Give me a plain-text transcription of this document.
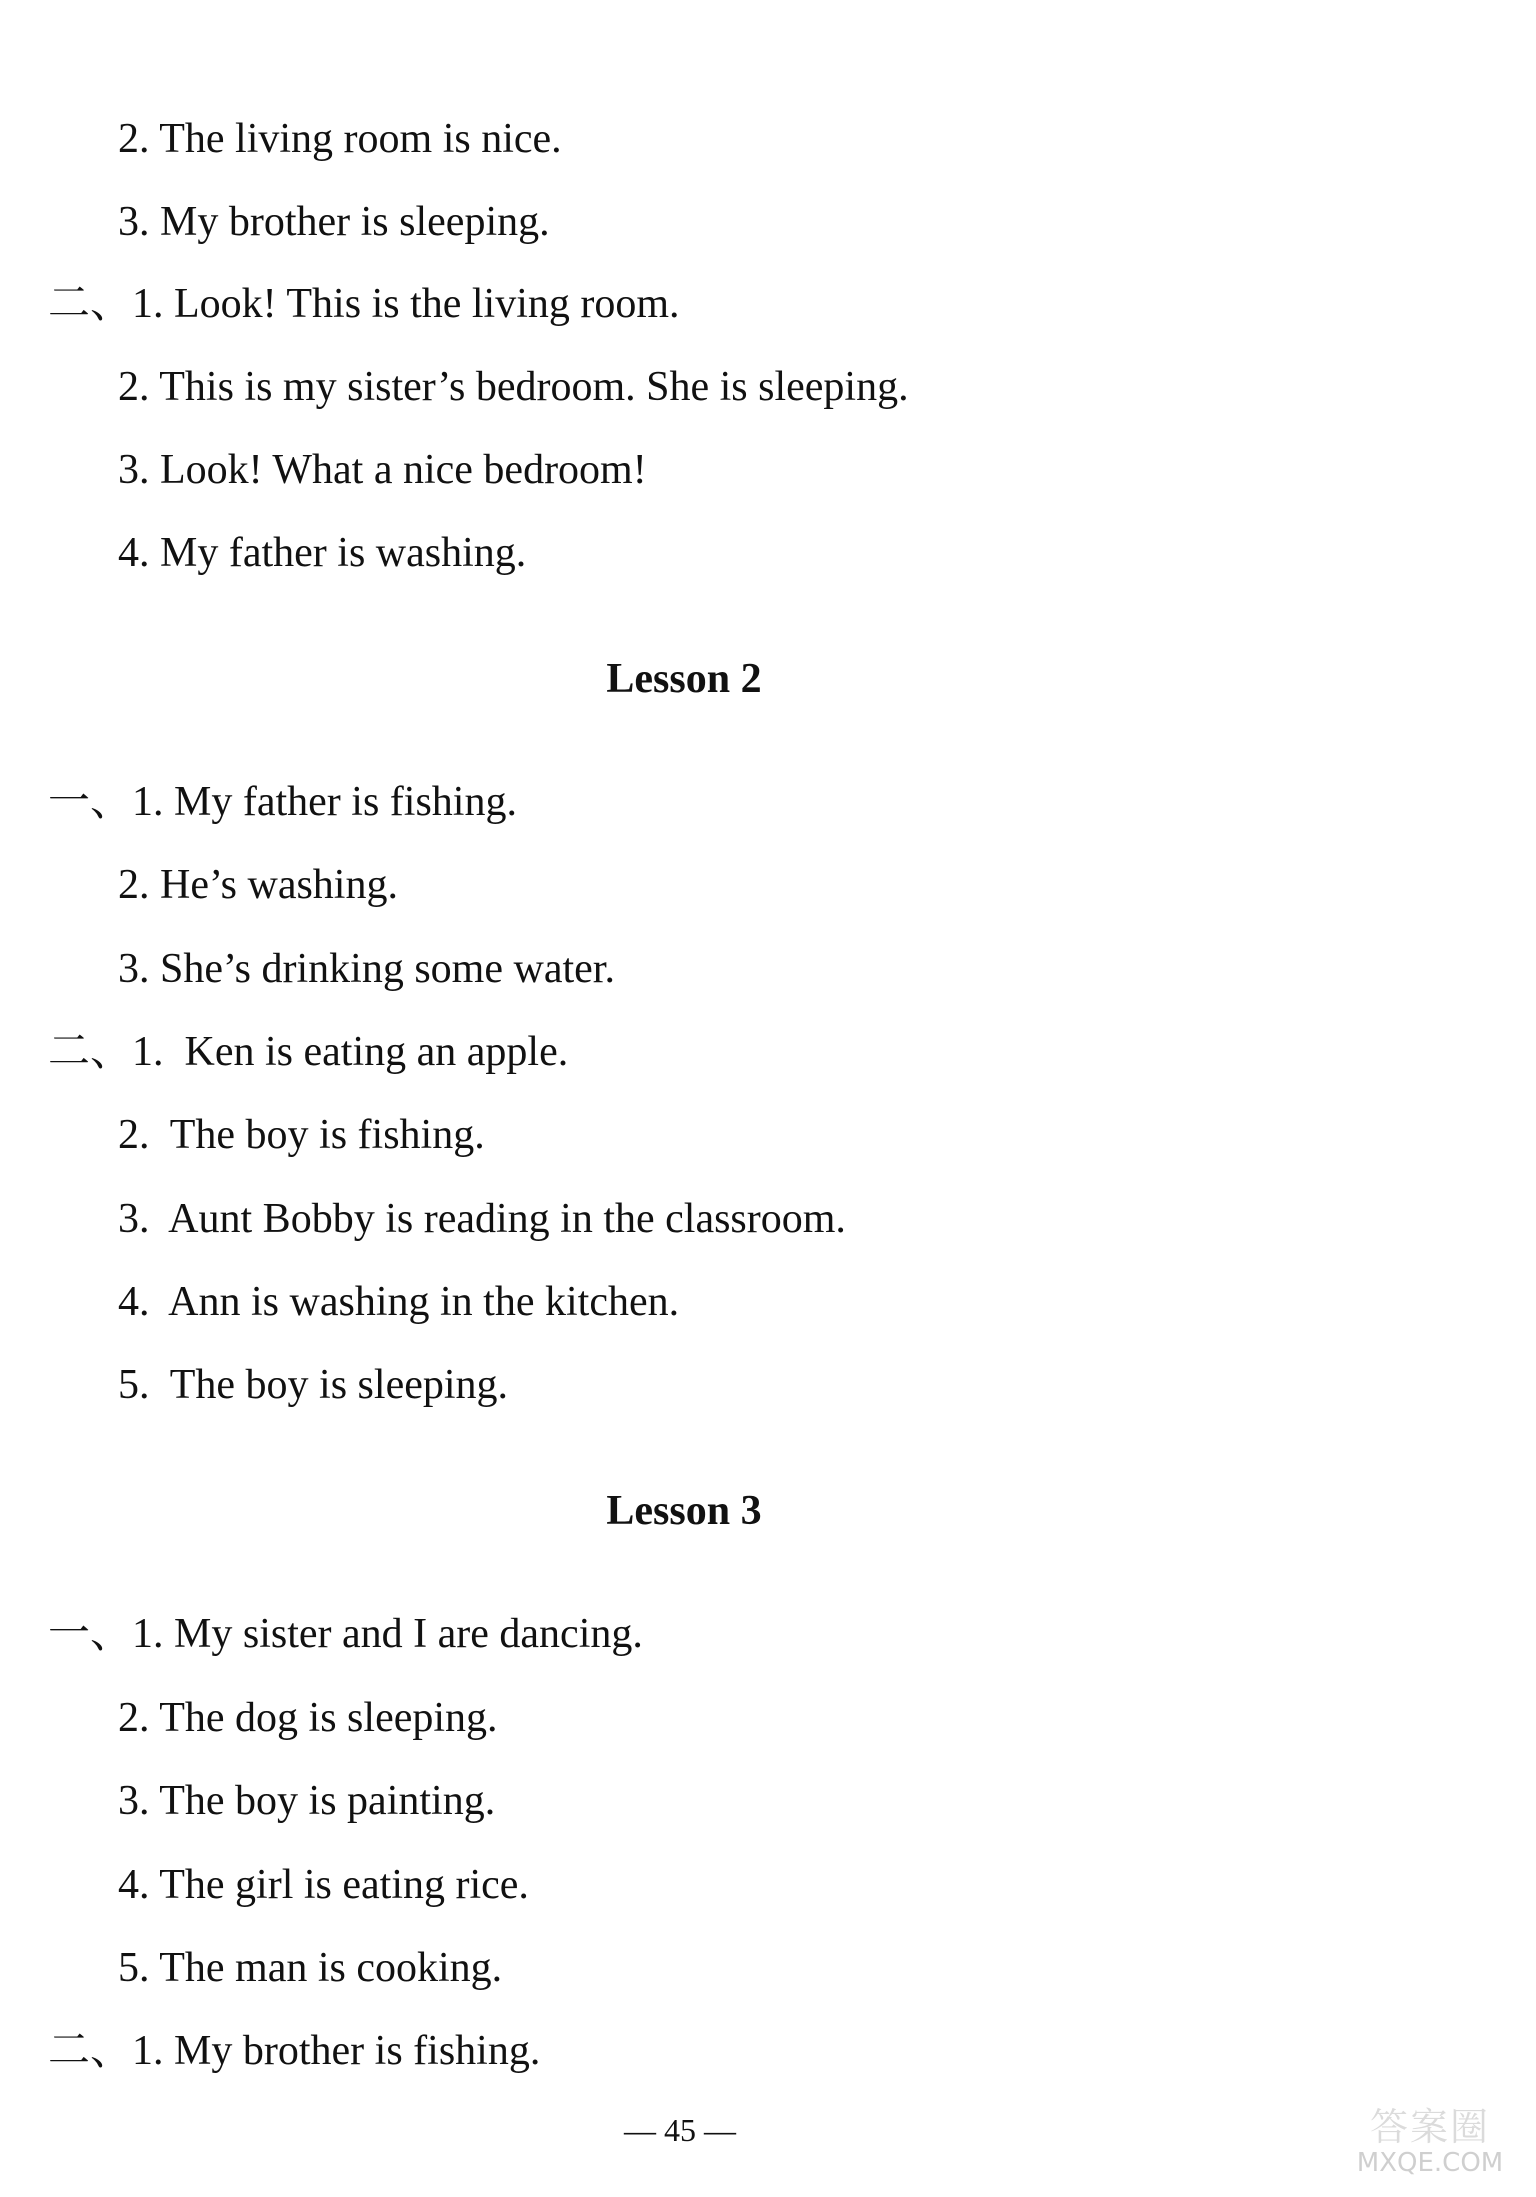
2. The living room is nice.
3. My brother is sleeping.
二、1. Look! This is the living room.
2. This is my sister’s bedroom. She is sleeping.
3. Look! What a nice bedroom!
4. My father is washing.
Lesson 2
一、1. My father is fishing.
2. He’s washing.
3. She’s drinking some water.
二、1.  Ken is eating an apple.
2.  The boy is fishing.
3.  Aunt Bobby is reading in the classroom.
4.  Ann is washing in the kitchen.
5.  The boy is sleeping.
Lesson 3
一、1. My sister and I are dancing.
2. The dog is sleeping.
3. The boy is painting.
4. The girl is eating rice.
5. The man is cooking.
二、1. My brother is fishing.
— 45 —	答案圈
MXQE.COM
